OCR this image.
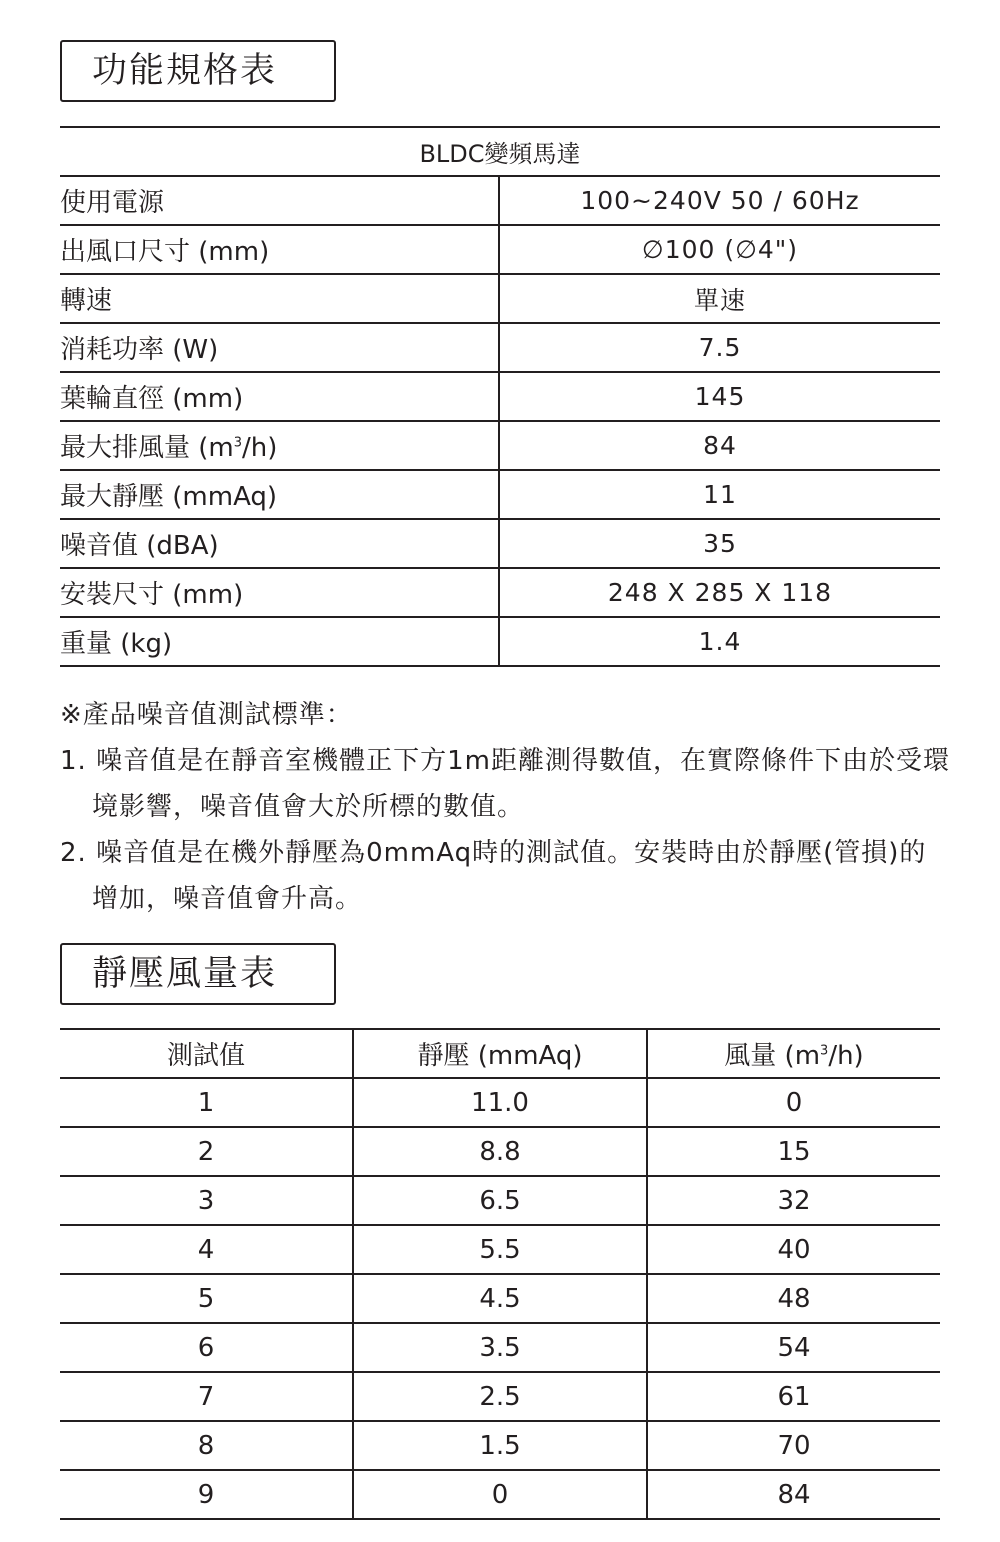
功能規格表
BLDC變頻馬達	
使用電源	100~240V 50 / 60Hz
出風口尺寸 (mm)	∅100 (∅4")
轉速	單速
消耗功率 (W)	7.5
葉輪直徑 (mm)	145
最大排風量 $(m^3/h)$	84
最大靜壓 (mmAq)	11
噪音值 (dBA)	35
安裝尺寸 (mm)	248 X 285 X 118
重量 (kg)	1.4
※產品噪音值測試標準：
1. 噪音值是在靜音室機體正下方1m距離測得數值，在實際條件下由於受環境影響，噪音值會大於所標的數值。
2. 噪音值是在機外靜壓為0mmAq時的測試值。安裝時由於靜壓(管損)的增加，噪音值會升高。
靜壓風量表
測試值	靜壓 (mmAq)	風量 $(m^3/h)$
1	11.0	0
2	8.8	15
3	6.5	32
4	5.5	40
5	4.5	48
6	3.5	54
7	2.5	61
8	1.5	70
9	0	84
